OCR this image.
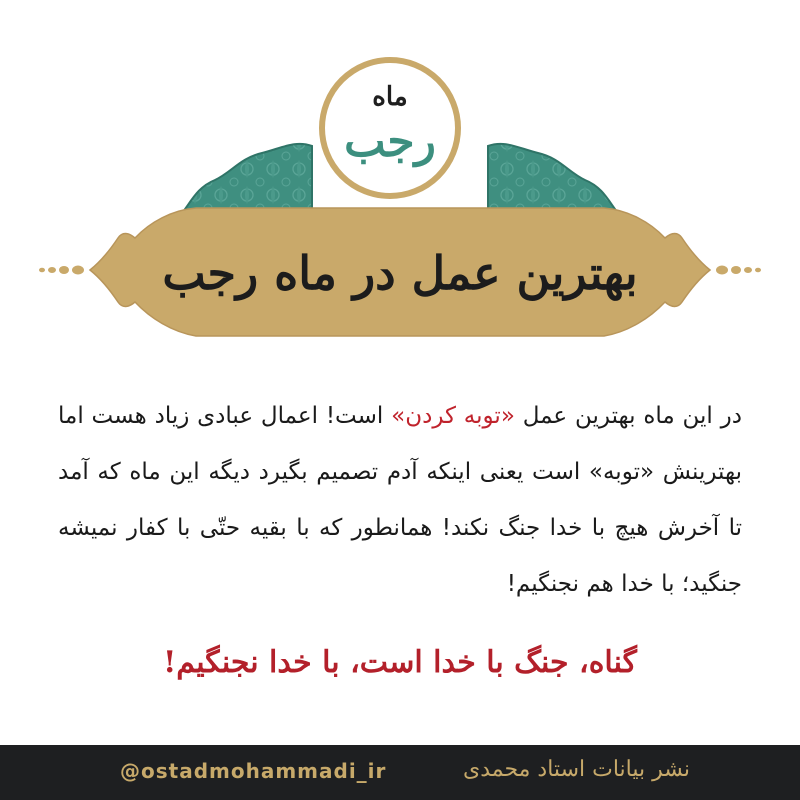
ماه
رجب
بهترین عمل در ماه رجب
در این ماه بهترین عمل «توبه کردن» است! اعمال عبادی زیاد هست اما بهترینش «توبه» است یعنی اینکه آدم تصمیم بگیرد دیگه این ماه که آمد تا آخرش هیچ با خدا جنگ نکند! همانطور که با بقیه حتّی با کفار نمیشه جنگید؛ با خدا هم نجنگیم!
گناه، جنگ با خدا است، با خدا نجنگیم!
@ostadmohammadi_ir	نشر بیانات استاد محمدی
